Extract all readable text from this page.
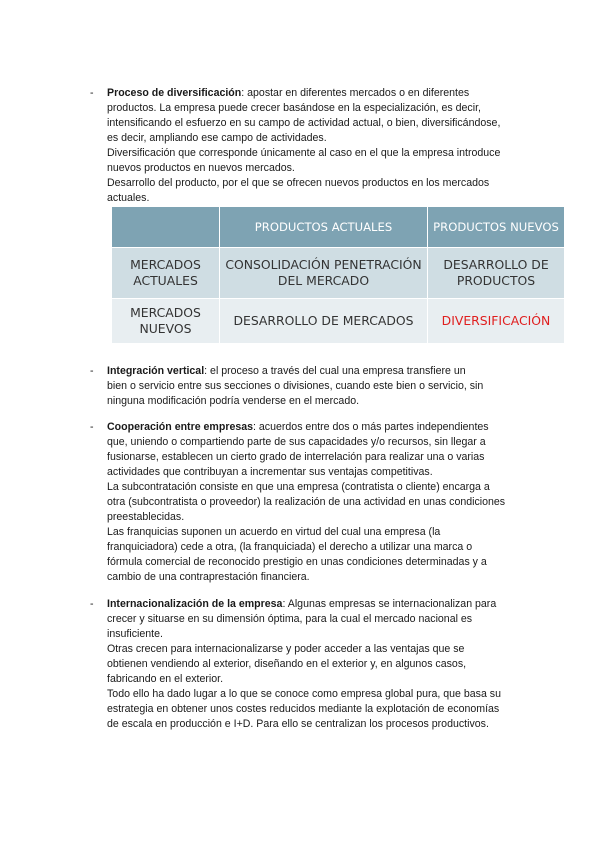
-	Proceso de diversificación: apostar en diferentes mercados o en diferentes

productos. La empresa puede crecer basándose en la especialización, es decir,

intensificando el esfuerzo en su campo de actividad actual, o bien, diversificándose,

es decir, ampliando ese campo de actividades.

Diversificación que corresponde únicamente al caso en el que la empresa introduce

nuevos productos en nuevos mercados.

Desarrollo del producto, por el que se ofrecen nuevos productos en los mercados

actuales.

	PRODUCTOS ACTUALES	PRODUCTOS NUEVOS
MERCADOS ACTUALES	CONSOLIDACIÓN PENETRACIÓN DEL MERCADO	DESARROLLO DE PRODUCTOS
MERCADOS NUEVOS	DESARROLLO DE MERCADOS	DIVERSIFICACIÓN
-	Integración vertical: el proceso a través del cual una empresa transfiere un

bien o servicio entre sus secciones o divisiones, cuando este bien o servicio, sin

ninguna modificación podría venderse en el mercado.

-	Cooperación entre empresas: acuerdos entre dos o más partes independientes

que, uniendo o compartiendo parte de sus capacidades y/o recursos, sin llegar a

fusionarse, establecen un cierto grado de interrelación para realizar una o varias

actividades que contribuyan a incrementar sus ventajas competitivas.

La subcontratación consiste en que una empresa (contratista o cliente) encarga a

otra (subcontratista o proveedor) la realización de una actividad en unas condiciones

preestablecidas.

Las franquicias suponen un acuerdo en virtud del cual una empresa (la

franquiciadora) cede a otra, (la franquiciada) el derecho a utilizar una marca o

fórmula comercial de reconocido prestigio en unas condiciones determinadas y a

cambio de una contraprestación financiera.

-	Internacionalización de la empresa: Algunas empresas se internacionalizan para

crecer y situarse en su dimensión óptima, para la cual el mercado nacional es

insuficiente.

Otras crecen para internacionalizarse y poder acceder a las ventajas que se

obtienen vendiendo al exterior, diseñando en el exterior y, en algunos casos,

fabricando en el exterior.

Todo ello ha dado lugar a lo que se conoce como empresa global pura, que basa su

estrategia en obtener unos costes reducidos mediante la explotación de economías

de escala en producción e I+D. Para ello se centralizan los procesos productivos.
